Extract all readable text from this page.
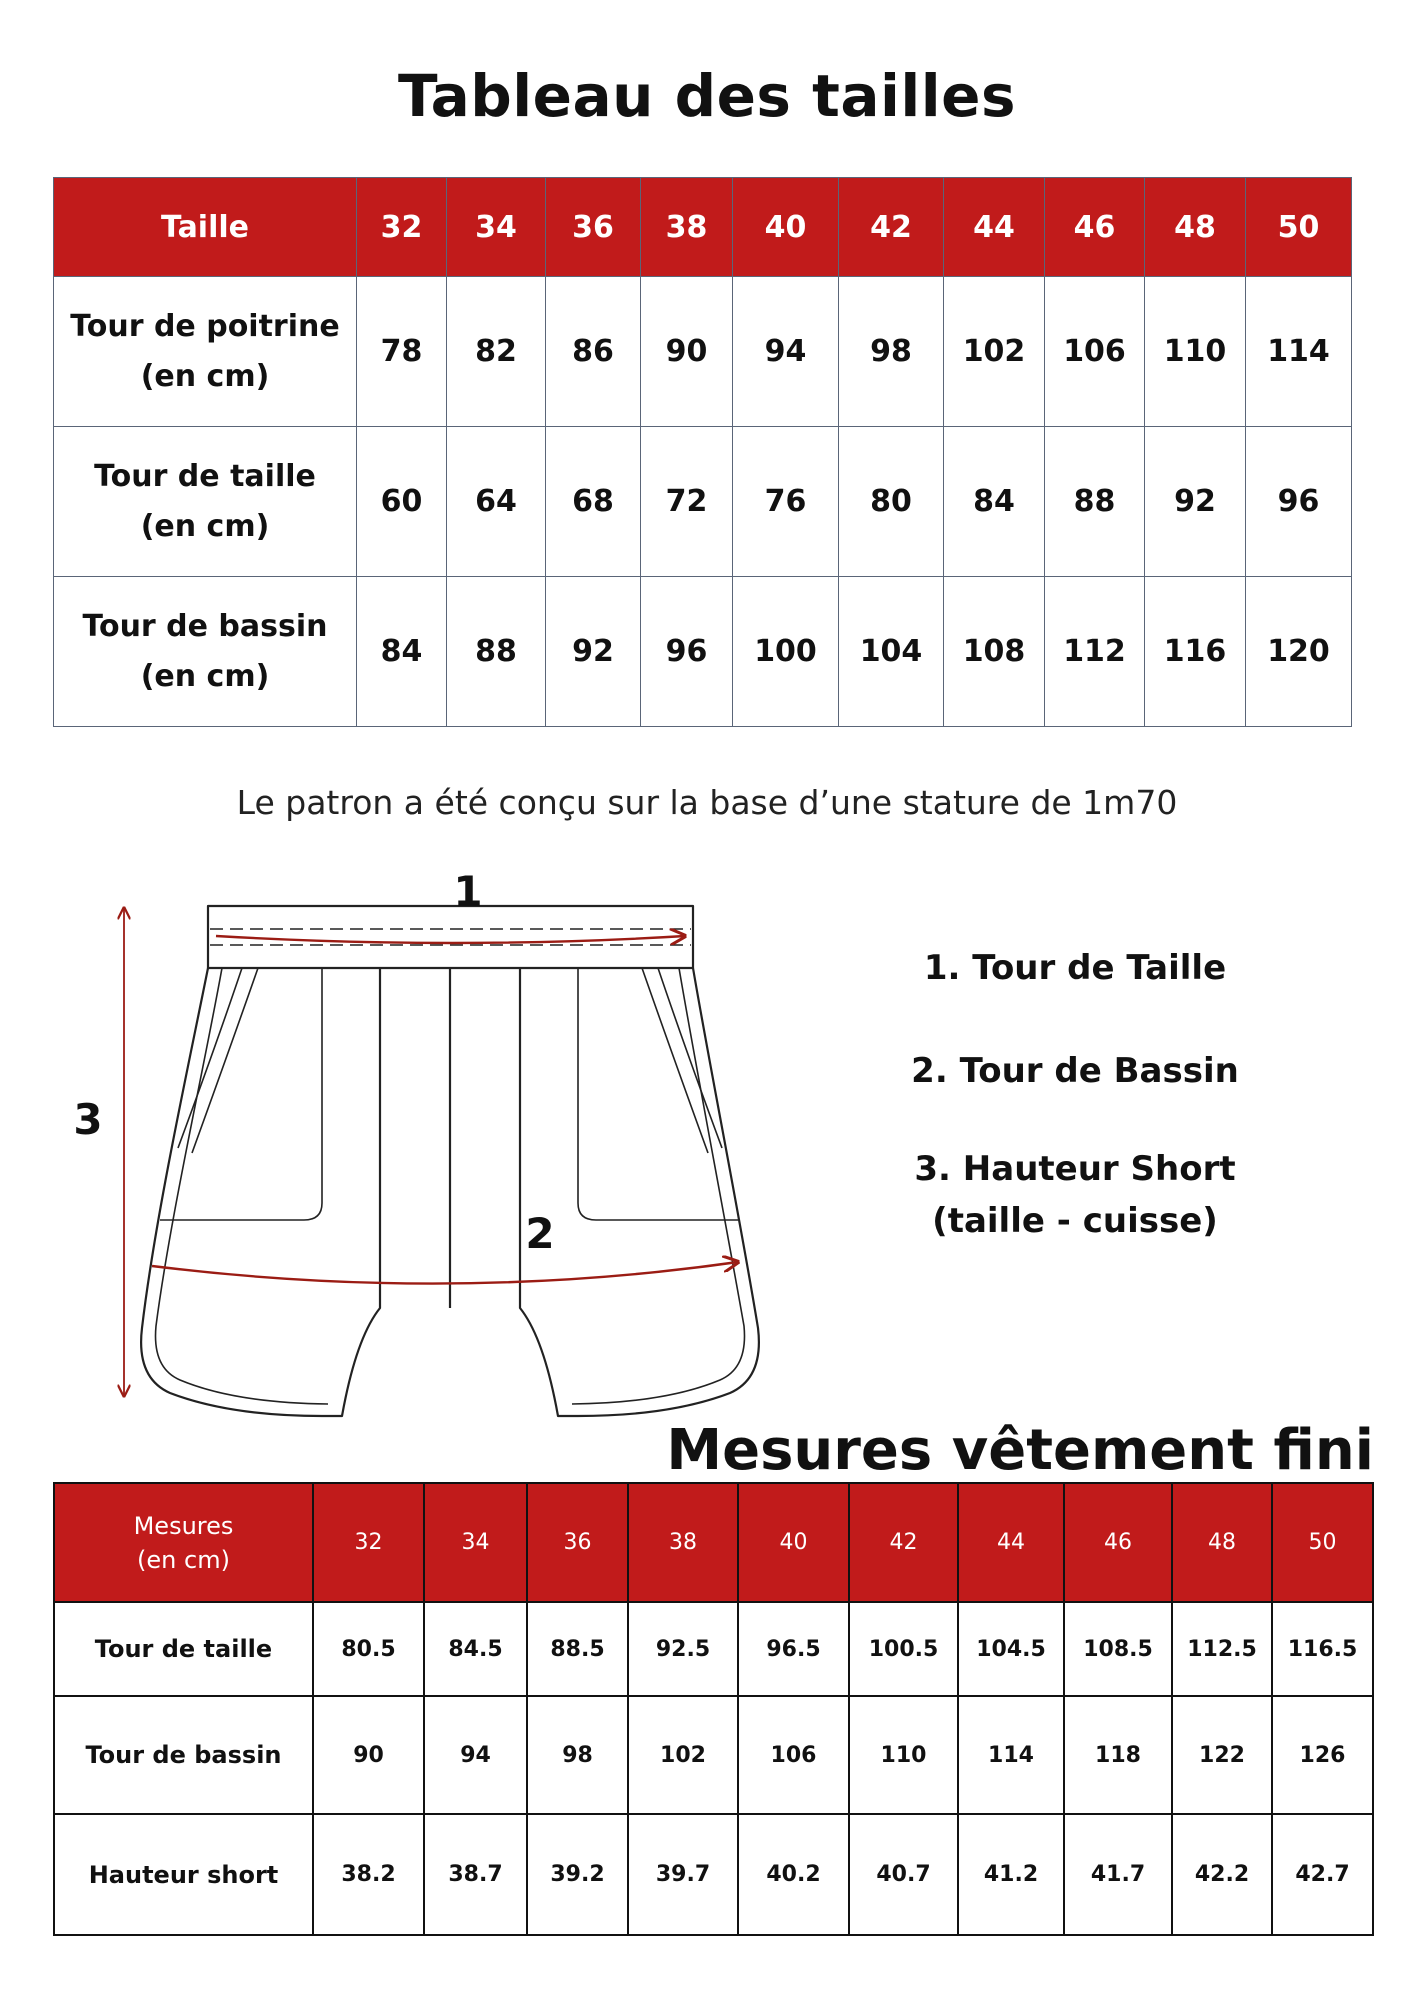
Tableau des tailles
Taille	32	34	36	38	40	42	44	46	48	50
Tour de poitrine
(en cm)	78	82	86	90	94	98	102	106	110	114
Tour de taille
(en cm)	60	64	68	72	76	80	84	88	92	96
Tour de bassin
(en cm)	84	88	92	96	100	104	108	112	116	120
Le patron a été conçu sur la base d’une stature de 1m70
1
2
3
1. Tour de Taille
2. Tour de Bassin
3. Hauteur Short
(taille - cuisse)
Mesures vêtement fini
Mesures
(en cm)	32	34	36	38	40	42	44	46	48	50
Tour de taille	80.5	84.5	88.5	92.5	96.5	100.5	104.5	108.5	112.5	116.5
Tour de bassin	90	94	98	102	106	110	114	118	122	126
Hauteur short	38.2	38.7	39.2	39.7	40.2	40.7	41.2	41.7	42.2	42.7
